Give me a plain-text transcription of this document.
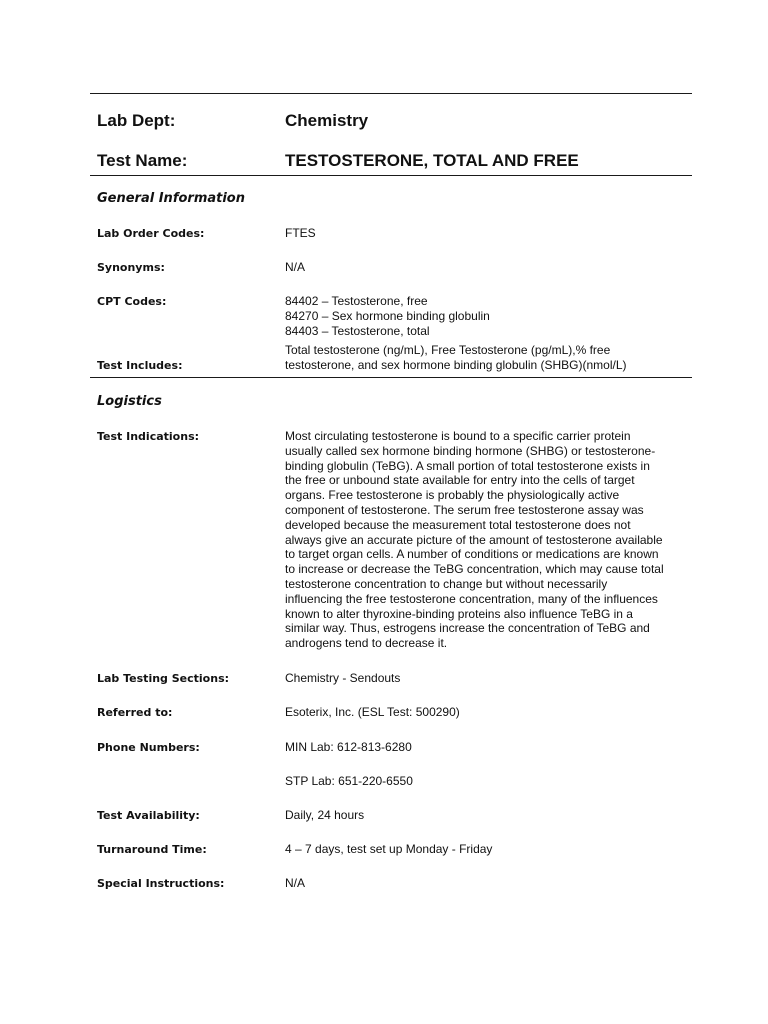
Lab Dept:	Chemistry
Test Name:	TESTOSTERONE, TOTAL AND FREE
General Information
Lab Order Codes:	FTES
Synonyms:	N/A
CPT Codes:	84402 – Testosterone, free
84270 – Sex hormone binding globulin
84403 – Testosterone, total
Test Includes:
Total testosterone (ng/mL), Free Testosterone (pg/mL),% free
testosterone, and sex hormone binding globulin (SHBG)(nmol/L)
Logistics
Test Indications:	Most circulating testosterone is bound to a specific carrier protein
usually called sex hormone binding hormone (SHBG) or testosterone-
binding globulin (TeBG). A small portion of total testosterone exists in
the free or unbound state available for entry into the cells of target
organs. Free testosterone is probably the physiologically active
component of testosterone. The serum free testosterone assay was
developed because the measurement total testosterone does not
always give an accurate picture of the amount of testosterone available
to target organ cells. A number of conditions or medications are known
to increase or decrease the TeBG concentration, which may cause total
testosterone concentration to change but without necessarily
influencing the free testosterone concentration, many of the influences
known to alter thyroxine-binding proteins also influence TeBG in a
similar way. Thus, estrogens increase the concentration of TeBG and
androgens tend to decrease it.
Lab Testing Sections:	Chemistry - Sendouts
Referred to:	Esoterix, Inc. (ESL Test: 500290)
Phone Numbers:	MIN Lab: 612-813-6280
STP Lab: 651-220-6550
Test Availability:	Daily, 24 hours
Turnaround Time:	4 – 7 days, test set up Monday - Friday
Special Instructions:	N/A
